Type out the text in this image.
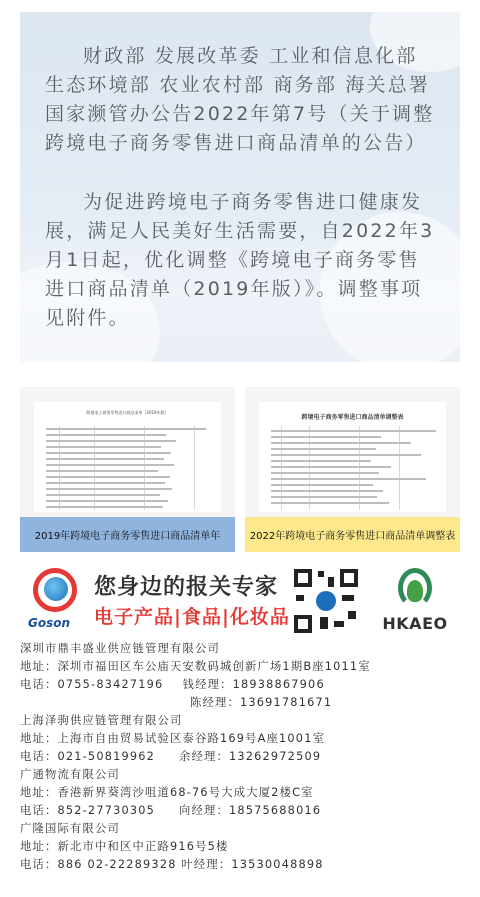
财政部 发展改革委 工业和信息化部 生态环境部 农业农村部 商务部 海关总署 国家濒管办公告2022年第7号（关于调整跨境电子商务零售进口商品清单的公告）

为促进跨境电子商务零售进口健康发展，满足人民美好生活需要，自2022年3月1日起，优化调整《跨境电子商务零售进口商品清单（2019年版）》。调整事项见附件。

跨境电子商务零售进口商品清单（2019年版）
2019年跨境电子商务零售进口商品清单年
跨境电子商务零售进口商品清单调整表
2022年跨境电子商务零售进口商品清单调整表
Goson
您身边的报关专家
电子产品|食品|化妆品	HKAEO
深圳市鼎丰盛业供应链管理有限公司
地址：深圳市福田区车公庙天安数码城创新广场1期B座1011室
电话：0755-83427196    钱经理：18938867906
陈经理：13691781671
上海泽驹供应链管理有限公司
地址：上海市自由贸易试验区泰谷路169号A座1001室
电话：021-50819962     余经理：13262972509
广通物流有限公司
地址：香港新界葵湾沙咀道68-76号大成大厦2楼C室
电话：852-27730305     向经理：18575688016
广隆国际有限公司
地址：新北市中和区中正路916号5楼
电话：886 02-22289328 叶经理：13530048898
